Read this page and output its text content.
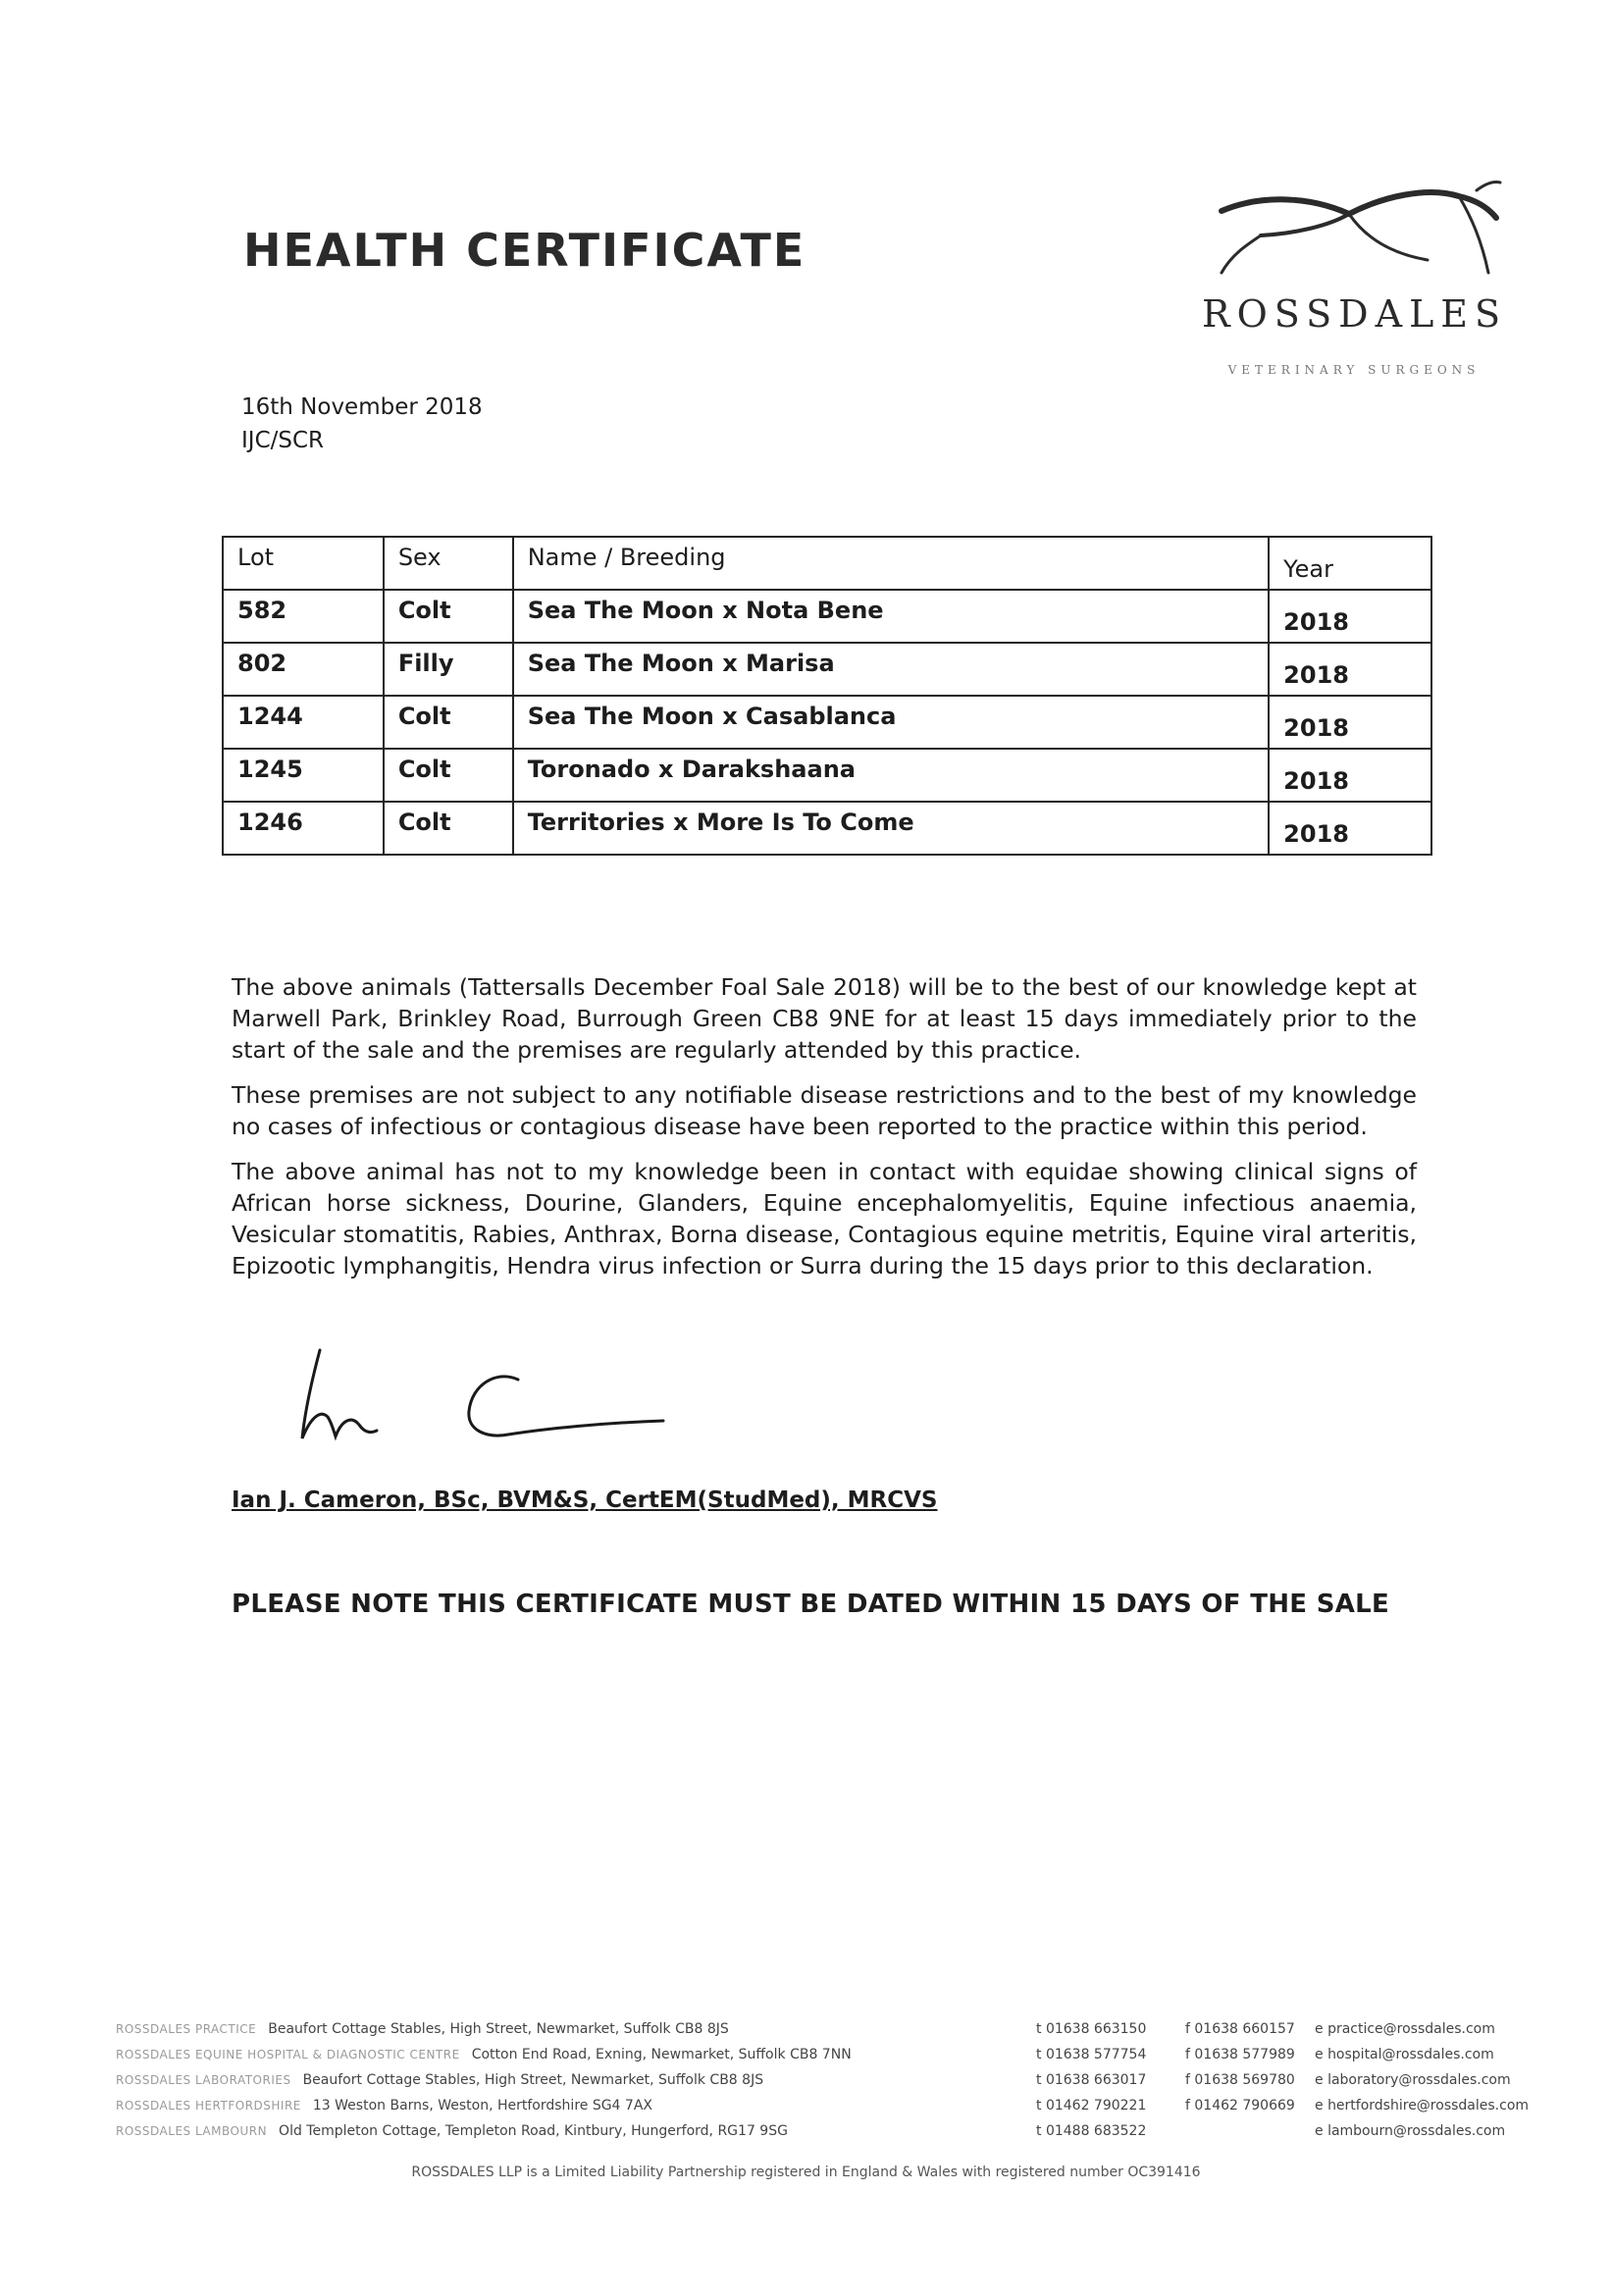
HEALTH CERTIFICATE
ROSSDALES
VETERINARY SURGEONS
16th November 2018
IJC/SCR
Lot	Sex	Name / Breeding	Year
582	Colt	Sea The Moon x Nota Bene	2018
802	Filly	Sea The Moon x Marisa	2018
1244	Colt	Sea The Moon x Casablanca	2018
1245	Colt	Toronado x Darakshaana	2018
1246	Colt	Territories x More Is To Come	2018

The above animals (Tattersalls December Foal Sale 2018) will be to the best of our knowledge kept at Marwell Park, Brinkley Road, Burrough Green CB8 9NE for at least 15 days immediately prior to the start of the sale and the premises are regularly attended by this practice.

These premises are not subject to any notifiable disease restrictions and to the best of my knowledge no cases of infectious or contagious disease have been reported to the practice within this period.

The above animal has not to my knowledge been in contact with equidae showing clinical signs of African horse sickness, Dourine, Glanders, Equine encephalomyelitis, Equine infectious anaemia, Vesicular stomatitis, Rabies, Anthrax, Borna disease, Contagious equine metritis, Equine viral arteritis, Epizootic lymphangitis, Hendra virus infection or Surra during the 15 days prior to this declaration.

Ian J. Cameron, BSc, BVM&S, CertEM(StudMed), MRCVS
PLEASE NOTE THIS CERTIFICATE MUST BE DATED WITHIN 15 DAYS OF THE SALE
ROSSDALES PRACTICE Beaufort Cottage Stables, High Street, Newmarket, Suffolk CB8 8JS	t 01638 663150	f 01638 660157 e practice@rossdales.com
ROSSDALES EQUINE HOSPITAL & DIAGNOSTIC CENTRE Cotton End Road, Exning, Newmarket, Suffolk CB8 7NN	t 01638 577754	f 01638 577989 e hospital@rossdales.com
ROSSDALES LABORATORIES Beaufort Cottage Stables, High Street, Newmarket, Suffolk CB8 8JS	t 01638 663017	f 01638 569780 e laboratory@rossdales.com
ROSSDALES HERTFORDSHIRE 13 Weston Barns, Weston, Hertfordshire SG4 7AX	t 01462 790221	f 01462 790669 e hertfordshire@rossdales.com
ROSSDALES LAMBOURN Old Templeton Cottage, Templeton Road, Kintbury, Hungerford, RG17 9SG	t 01488 683522	e lambourn@rossdales.com
ROSSDALES LLP is a Limited Liability Partnership registered in England & Wales with registered number OC391416
